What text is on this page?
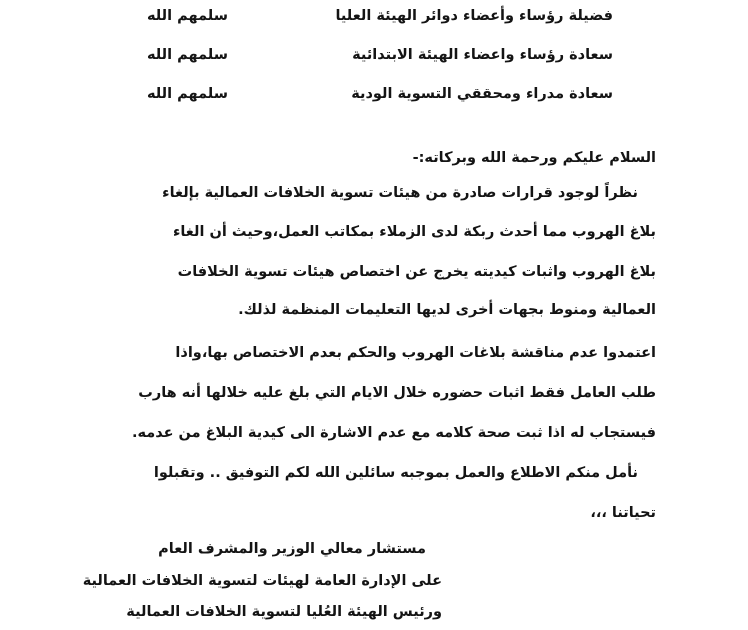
فضيلة رؤساء وأعضاء دوائر الهيئة العليا
سلمهم الله
سعادة رؤساء واعضاء الهيئة الابتدائية
سلمهم الله
سعادة مدراء ومحققي التسوية الودية
سلمهم الله
السلام عليكم ورحمة الله وبركاته:-
نظراً لوجود قرارات صادرة من هيئات تسوية الخلافات العمالية بإلغاء
بلاغ الهروب مما أحدث ربكة لدى الزملاء بمكاتب العمل،وحيث أن الغاء
بلاغ الهروب واثبات كيديته يخرج عن اختصاص هيئات تسوية الخلافات
العمالية ومنوط بجهات أخرى لديها التعليمات المنظمة لذلك.
اعتمدوا عدم مناقشة بلاغات الهروب والحكم بعدم الاختصاص بها،واذا
طلب العامل فقط اثبات حضوره خلال الايام التي بلغ عليه خلالها أنه هارب
فيستجاب له اذا ثبت صحة كلامه مع عدم الاشارة الى كيدية البلاغ من عدمه.
نأمل منكم الاطلاع والعمل بموجبه سائلين الله لكم التوفيق .. وتقبلوا
تحياتنا ،،،
مستشار معالي الوزير والمشرف العام
على الإدارة العامة لهيئات لتسوية الخلافات العمالية
ورئيس الهيئة العُليا لتسوية الخلافات العمالية
